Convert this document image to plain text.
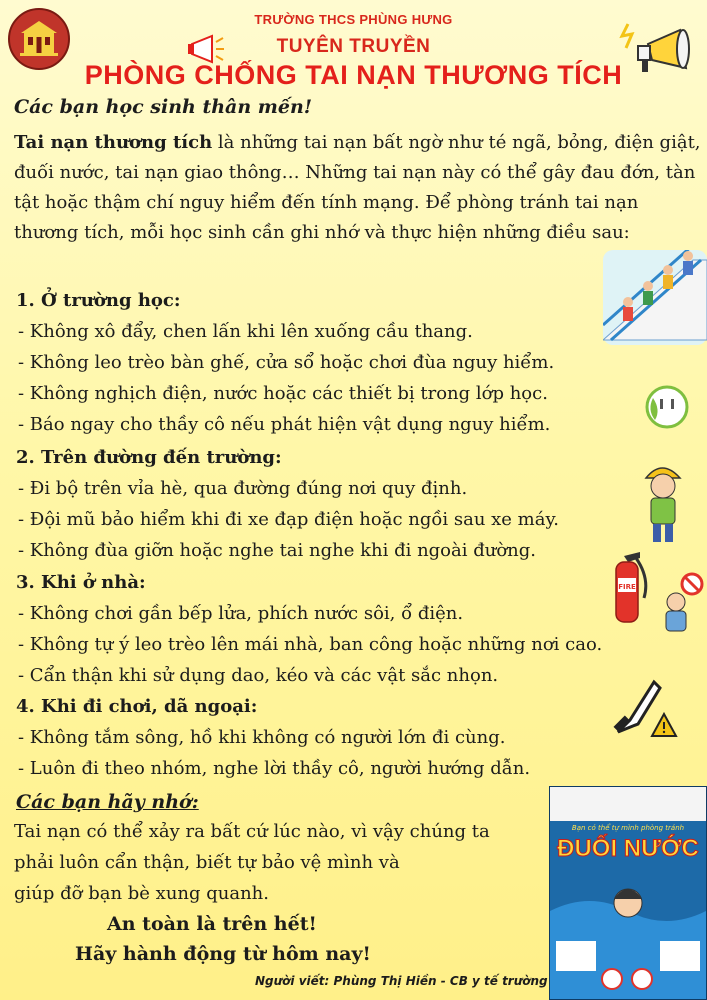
TRƯỜNG THCS PHÙNG HƯNG
TUYÊN TRUYỀN
PHÒNG CHỐNG TAI NẠN THƯƠNG TÍCH
Các bạn học sinh thân mến!
Tai nạn thương tích là những tai nạn bất ngờ như té ngã, bỏng, điện giật, đuối nước, tai nạn giao thông… Những tai nạn này có thể gây đau đớn, tàn tật hoặc thậm chí nguy hiểm đến tính mạng. Để phòng tránh tai nạn thương tích, mỗi học sinh cần ghi nhớ và thực hiện những điều sau:
1. Ở trường học:
- Không xô đẩy, chen lấn khi lên xuống cầu thang.
- Không leo trèo bàn ghế, cửa sổ hoặc chơi đùa nguy hiểm.
- Không nghịch điện, nước hoặc các thiết bị trong lớp học.
- Báo ngay cho thầy cô nếu phát hiện vật dụng nguy hiểm.
2. Trên đường đến trường:
- Đi bộ trên vỉa hè, qua đường đúng nơi quy định.
- Đội mũ bảo hiểm khi đi xe đạp điện hoặc ngồi sau xe máy.
- Không đùa giỡn hoặc nghe tai nghe khi đi ngoài đường.
3. Khi ở nhà:
- Không chơi gần bếp lửa, phích nước sôi, ổ điện.
- Không tự ý leo trèo lên mái nhà, ban công hoặc những nơi cao.
- Cẩn thận khi sử dụng dao, kéo và các vật sắc nhọn.
4. Khi đi chơi, dã ngoại:
- Không tắm sông, hồ khi không có người lớn đi cùng.
- Luôn đi theo nhóm, nghe lời thầy cô, người hướng dẫn.
Các bạn hãy nhớ:
Tai nạn có thể xảy ra bất cứ lúc nào, vì vậy chúng ta
phải luôn cẩn thận, biết tự bảo vệ mình và
giúp đỡ bạn bè xung quanh.
An toàn là trên hết!
Hãy hành động từ hôm nay!
Người viết: Phùng Thị Hiền - CB y tế trường
FIRE
Bạn có thể tự mình phòng tránh
ĐUỐI NƯỚC
